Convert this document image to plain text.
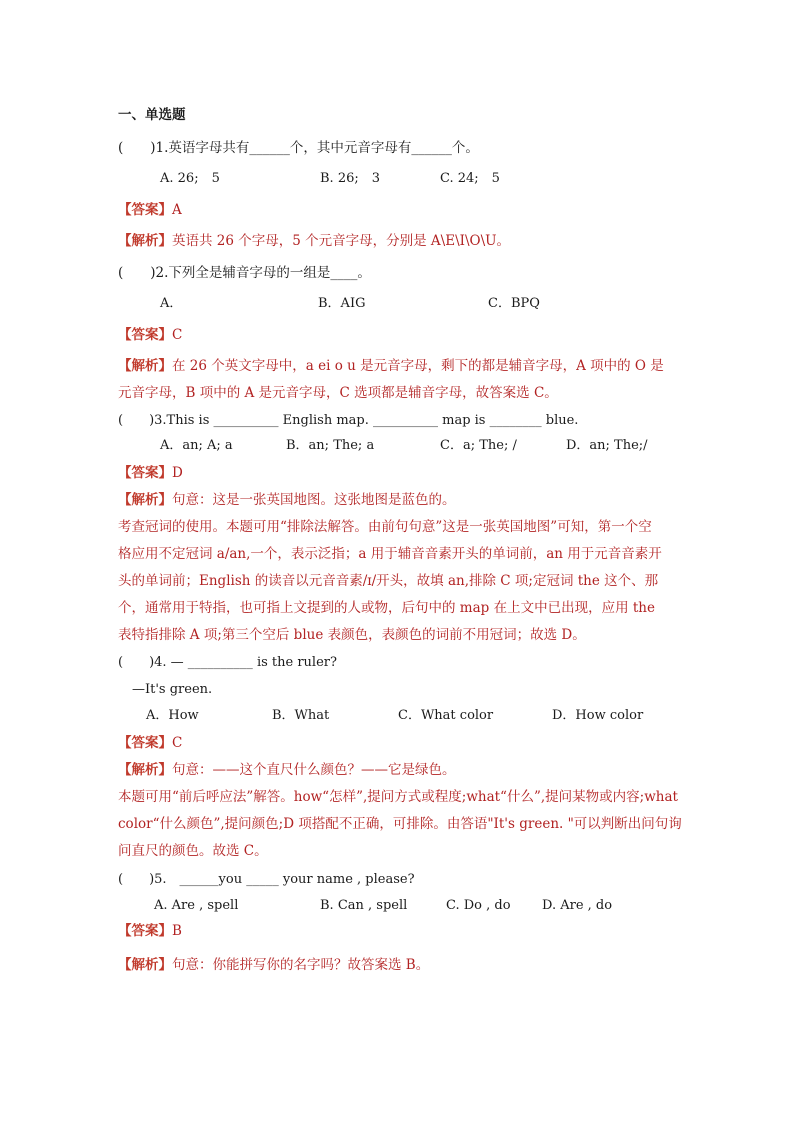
一、单选题
(　　)1.英语字母共有______个，其中元音字母有______个。
A. 26;　5	B. 26;　3	C. 24;　5
【答案】A
【解析】英语共 26 个字母，5 个元音字母，分别是 A\E\I\O\U。
(　　)2.下列全是辅音字母的一组是____。
A．	B．AIG	C．BPQ
【答案】C
【解析】在 26 个英文字母中，a ei o u 是元音字母，剩下的都是辅音字母，A 项中的 O 是
元音字母，B 项中的 A 是元音字母，C 选项都是辅音字母，故答案选 C。
(　　)3.This is __________ English map. __________ map is ________ blue.
A．an; A; a	B．an; The; a	C．a; The; /	D．an; The;/
【答案】D
【解析】句意：这是一张英国地图。这张地图是蓝色的。
考查冠词的使用。本题可用“排除法解答。由前句句意”这是一张英国地图”可知，第一个空
格应用不定冠词 a/an,一个，表示泛指；a 用于辅音音素开头的单词前，an 用于元音音素开
头的单词前；English 的读音以元音音素/ɪ/开头，故填 an,排除 C 项;定冠词 the 这个、那
个，通常用于特指，也可指上文提到的人或物，后句中的 map 在上文中已出现，应用 the
表特指排除 A 项;第三个空后 blue 表颜色，表颜色的词前不用冠词；故选 D。
(　　)4. — __________ is the ruler?
—It's green.
A．How	B．What	C．What color	D．How color
【答案】C
【解析】句意：——这个直尺什么颜色？——它是绿色。
本题可用“前后呼应法”解答。how“怎样”,提问方式或程度;what“什么”,提问某物或内容;what
color“什么颜色”,提问颜色;D 项搭配不正确，可排除。由答语"It's green. "可以判断出问句询
问直尺的颜色。故选 C。
(　　)5.　______you _____ your name , please?
A. Are , spell	B. Can , spell	C. Do , do D. Are , do
【答案】B
【解析】句意：你能拼写你的名字吗？故答案选 B。
